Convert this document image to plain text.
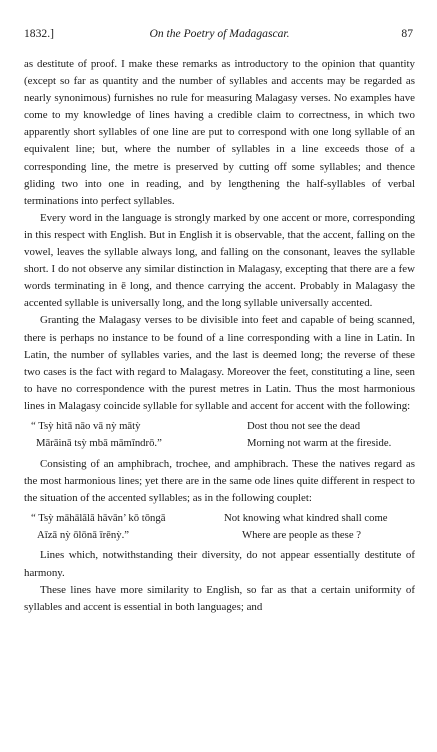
1832.]	On the Poetry of Madagascar.	87

as destitute of proof. I make these remarks as introductory to the opinion that quantity (except so far as quantity and the number of syllables and accents may be regarded as nearly synonimous) furnishes no rule for measuring Malagasy verses. No examples have come to my knowledge of lines having a credible claim to correctness, in which two apparently short syllables of one line are put to correspond with one long syllable of an equivalent line; but, where the number of syllables in a line exceeds those of a corresponding line, the metre is preserved by cutting off some syllables; and thence gliding two into one in reading, and by lengthening the half-syllables of verbal terminations into perfect syllables.

Every word in the language is strongly marked by one accent or more, corresponding in this respect with English. But in English it is observable, that the accent, falling on the vowel, leaves the syllable always long, and falling on the consonant, leaves the syllable short. I do not observe any similar distinction in Malagasy, excepting that there are a few words terminating in ē long, and thence carrying the accent. Probably in Malagasy the accented syllable is universally long, and the long syllable universally accented.

Granting the Malagasy verses to be divisible into feet and capable of being scanned, there is perhaps no instance to be found of a line corresponding with a line in Latin. In Latin, the number of syllables varies, and the last is deemed long; the reverse of these two cases is the fact with regard to Malagasy. Moreover the feet, constituting a line, seen to have no correspondence with the purest metres in Latin. Thus the most harmonious lines in Malagasy coincide syllable for syllable and accent for accent with the following:

“ Tsỳ hìtā nāo vā nỳ mātỳ	Dost thou not see the dead
Mārāinā tsỳ mbā māmīndrō.”	Morning not warm at the fireside.

Consisting of an amphibrach, trochee, and amphibrach. These the natives regard as the most harmonious lines; yet there are in the same ode lines quite different in respect to the situation of the accented syllables; as in the following couplet:

“ Tsỳ māhālālā hāvān’ kō tōngā	Not knowing what kindred shall come
Aīzā nỳ ōlōnā īrēnỳ.”	Where are people as these ?

Lines which, notwithstanding their diversity, do not appear essentially destitute of harmony.

These lines have more similarity to English, so far as that a certain uniformity of syllables and accent is essential in both languages; and
